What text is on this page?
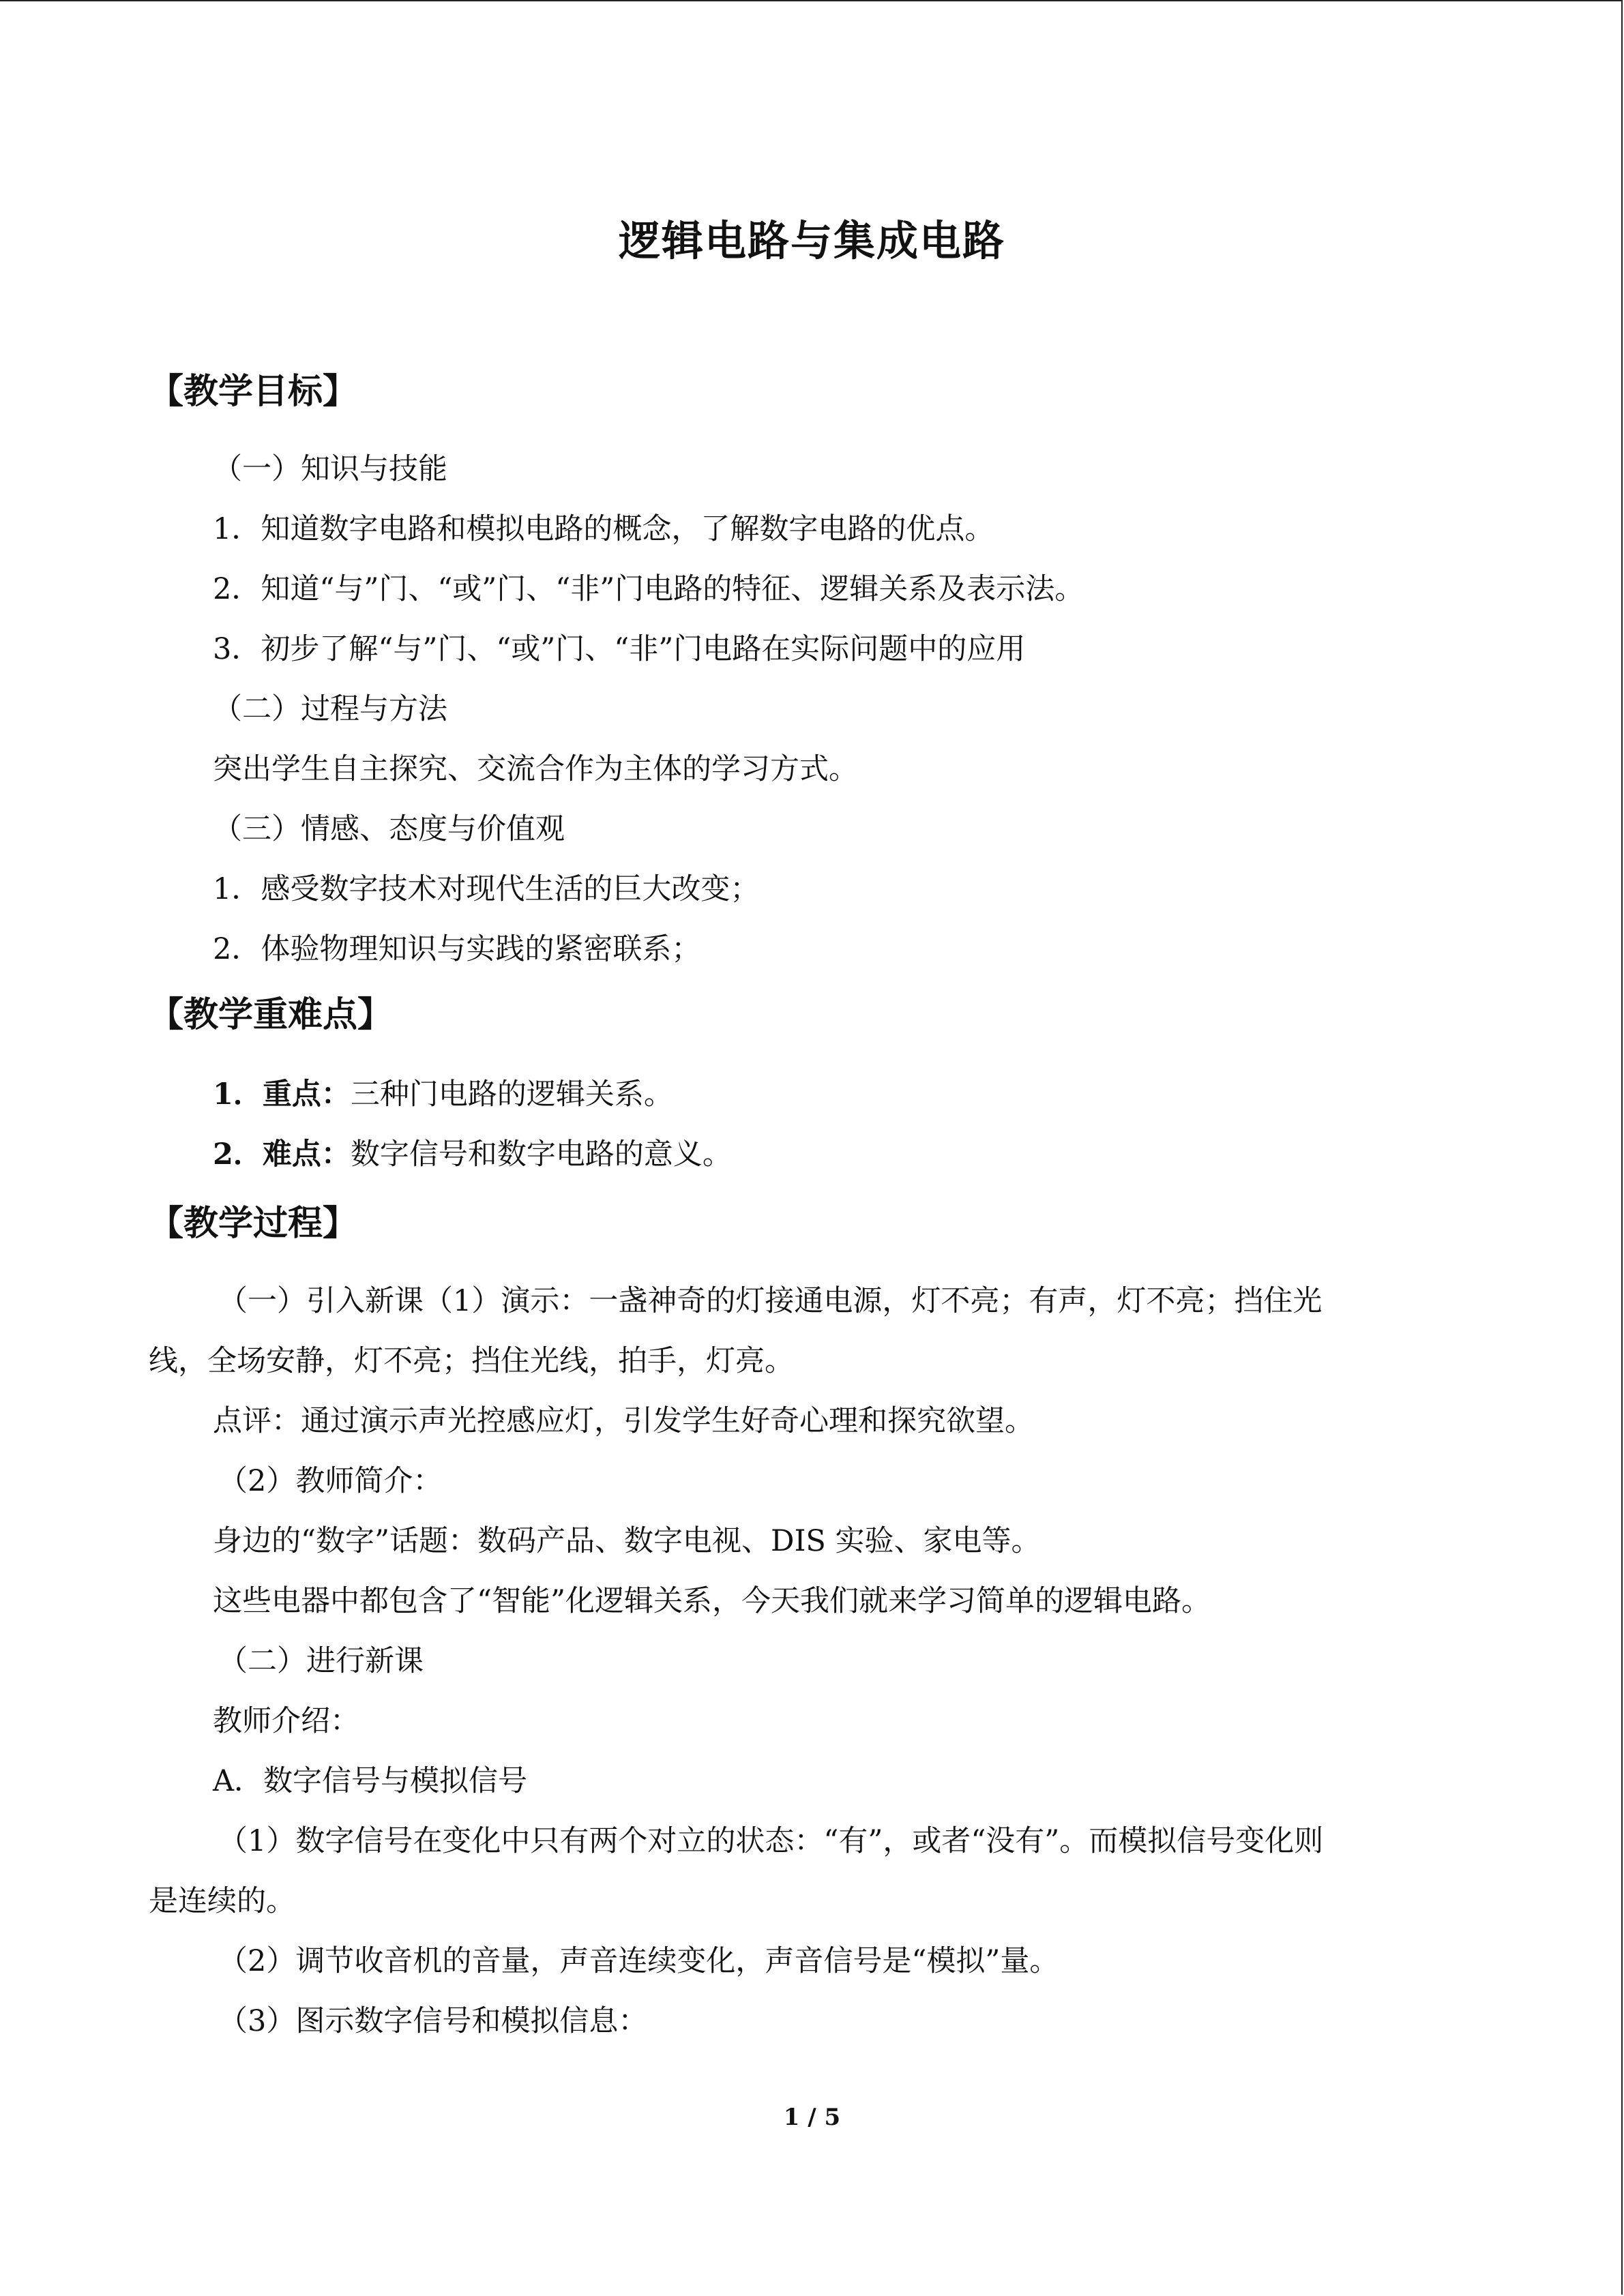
逻辑电路与集成电路
【教学目标】

（一）知识与技能

1．知道数字电路和模拟电路的概念，了解数字电路的优点。

2．知道“与”门、“或”门、“非”门电路的特征、逻辑关系及表示法。

3．初步了解“与”门、“或”门、“非”门电路在实际问题中的应用

（二）过程与方法

突出学生自主探究、交流合作为主体的学习方式。

（三）情感、态度与价值观

1．感受数字技术对现代生活的巨大改变；

2．体验物理知识与实践的紧密联系；

【教学重难点】

1．重点：三种门电路的逻辑关系。

2．难点：数字信号和数字电路的意义。

【教学过程】

（一）引入新课（1）演示：一盏神奇的灯接通电源，灯不亮；有声，灯不亮；挡住光

线，全场安静，灯不亮；挡住光线，拍手，灯亮。

点评：通过演示声光控感应灯，引发学生好奇心理和探究欲望。

（2）教师简介：

身边的“数字”话题：数码产品、数字电视、DIS 实验、家电等。

这些电器中都包含了“智能”化逻辑关系，今天我们就来学习简单的逻辑电路。

（二）进行新课

教师介绍：

A．数字信号与模拟信号

（1）数字信号在变化中只有两个对立的状态：“有”，或者“没有”。而模拟信号变化则

是连续的。

（2）调节收音机的音量，声音连续变化，声音信号是“模拟”量。

（3）图示数字信号和模拟信息：

1 / 5
